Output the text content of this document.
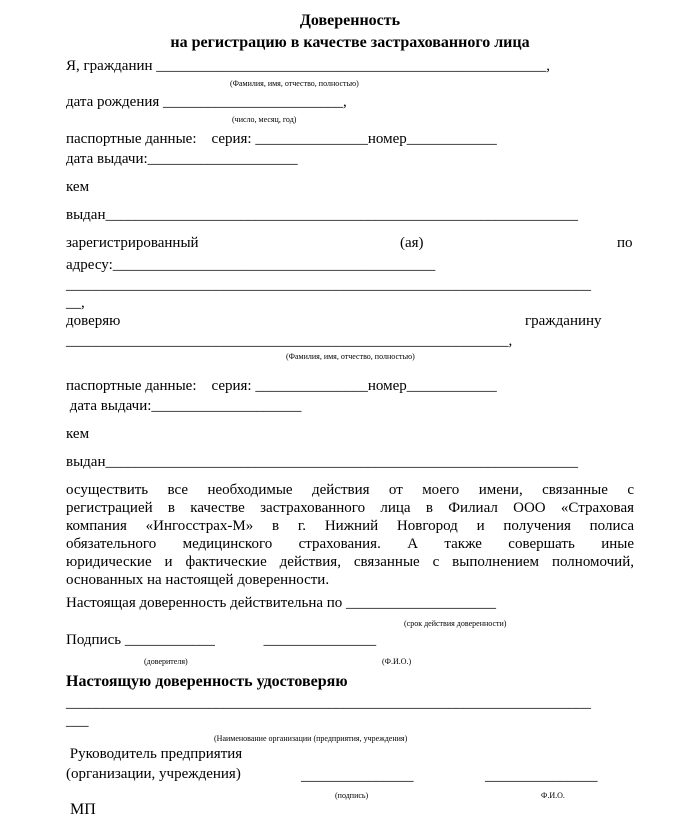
Доверенность
на регистрацию в качестве застрахованного лица
Я, гражданин ____________________________________________________,
(Фамилия, имя, отчество, полностью)
дата рождения ________________________,
(число, месяц, год)
паспортные данные:    серия: _______________номер____________
дата выдачи:____________________
кем
выдан_______________________________________________________________
зарегистрированный	(ая)	по
адресу:___________________________________________
______________________________________________________________________
__,
доверяю	гражданину
___________________________________________________________,
(Фамилия, имя, отчество, полностью)
паспортные данные:    серия: _______________номер____________
дата выдачи:____________________
кем
выдан_______________________________________________________________
осуществить все необходимые действия от моего имени, связанные с
регистрацией в качестве застрахованного лица в Филиал ООО «Страховая
компания «Ингосстрах-М» в г. Нижний Новгород и получения полиса
обязательного медицинского страхования. А также совершать иные
юридические и фактические действия, связанные с выполнением полномочий,
основанных на настоящей доверенности.
Настоящая доверенность действительна по ____________________
(срок действия доверенности)
Подпись ____________             _______________
(доверителя)	(Ф.И.О.)
Настоящую доверенность удостоверяю
______________________________________________________________________
___
(Наименование организации (предприятия, учреждения)
Руководитель предприятия
(организации, учреждения)	_______________	_______________
(подпись)	Ф.И.О.
МП
